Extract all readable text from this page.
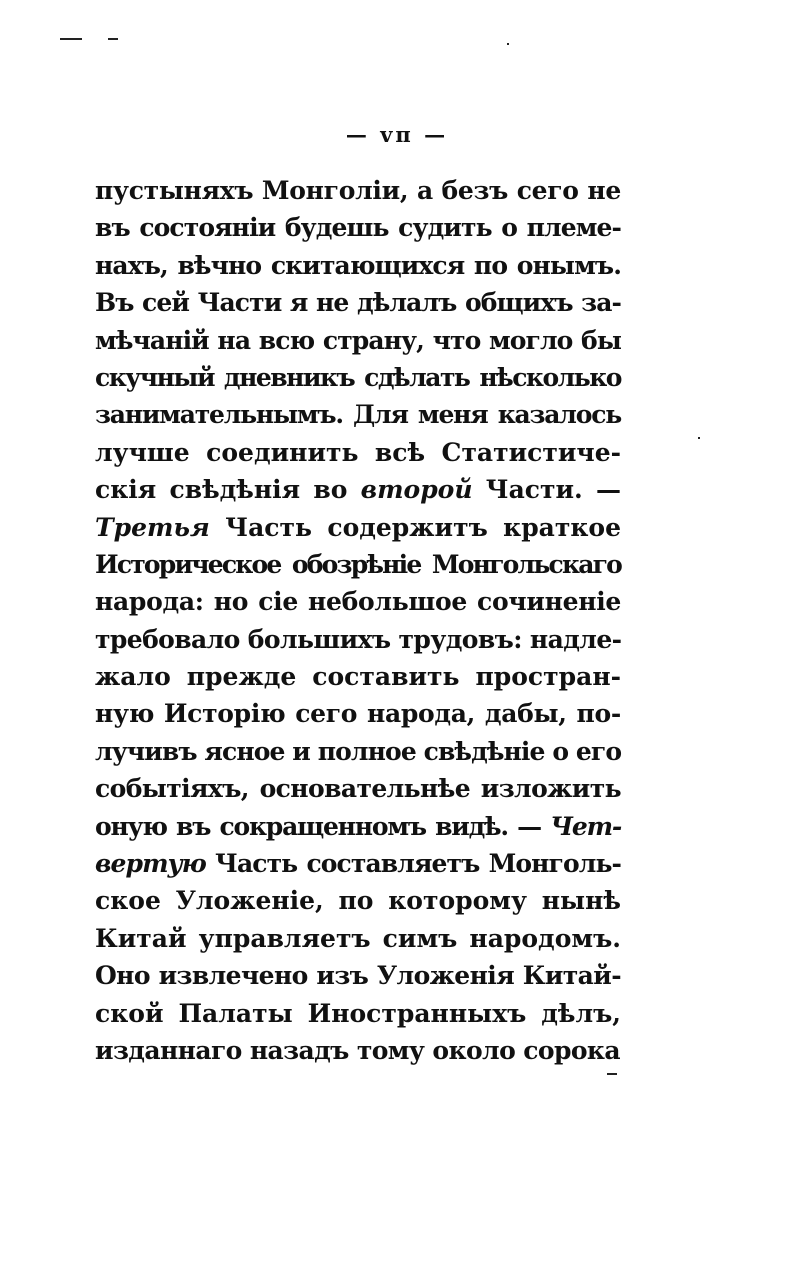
— vп —
пустыняхъ Монголіи, а безъ сего не
въ состояніи будешь судить о племе-
нахъ, вѣчно скитающихся по онымъ.
Въ сей Части я не дѣлалъ общихъ за-
мѣчаній на всю страну, что могло бы
скучный дневникъ сдѣлать нѣсколько
занимательнымъ. Для меня казалось
лучше соединить всѣ Статистиче-
скія свѣдѣнія во второй Части. —
Третья Часть содержитъ краткое
Историческое обозрѣніе Монгольскаго
народа: но сіе небольшое сочиненіе
требовало большихъ трудовъ: надле-
жало прежде составить простран-
ную Исторію сего народа, дабы, по-
лучивъ ясное и полное свѣдѣніе о его
событіяхъ, основательнѣе изложить
оную въ сокращенномъ видѣ. — Чет-
вертую Часть составляетъ Монголь-
ское Уложеніе, по которому нынѣ
Китай управляетъ симъ народомъ.
Оно извлечено изъ Уложенія Китай-
ской Палаты Иностранныхъ дѣлъ,
изданнаго назадъ тому около сорока
